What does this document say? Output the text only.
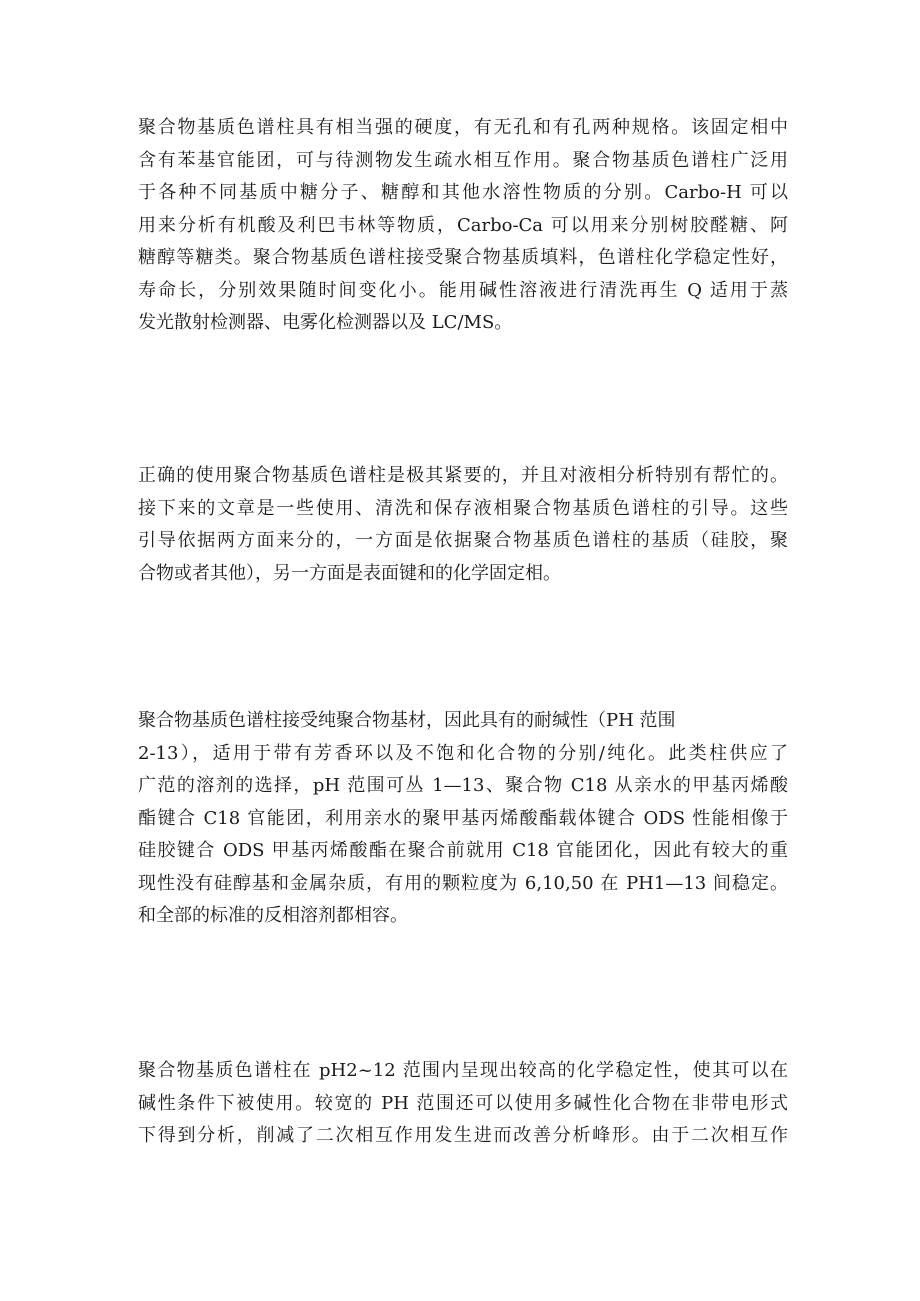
聚合物基质色谱柱具有相当强的硬度，有无孔和有孔两种规格。该固定相中
含有苯基官能团，可与待测物发生疏水相互作用。聚合物基质色谱柱广泛用
于各种不同基质中糖分子、糖醇和其他水溶性物质的分别。Carbo-H 可以
用来分析有机酸及利巴韦林等物质，Carbo-Ca 可以用来分别树胶醛糖、阿
糖醇等糖类。聚合物基质色谱柱接受聚合物基质填料，色谱柱化学稳定性好，
寿命长，分别效果随时间变化小。能用碱性溶液进行清洗再生 Q 适用于蒸
发光散射检测器、电雾化检测器以及 LC/MS。
正确的使用聚合物基质色谱柱是极其紧要的，并且对液相分析特别有帮忙的。
接下来的文章是一些使用、清洗和保存液相聚合物基质色谱柱的引导。这些
引导依据两方面来分的，一方面是依据聚合物基质色谱柱的基质（硅胶，聚
合物或者其他），另一方面是表面键和的化学固定相。
聚合物基质色谱柱接受纯聚合物基材，因此具有的耐缄性（PH 范围
2-13），适用于带有芳香环以及不饱和化合物的分别/纯化。此类柱供应了
广范的溶剂的选择，pH 范围可丛 1—13、聚合物 C18 从亲水的甲基丙烯酸
酯键合 C18 官能团，利用亲水的聚甲基丙烯酸酯载体键合 ODS 性能相像于
硅胶键合 ODS 甲基丙烯酸酯在聚合前就用 C18 官能团化，因此有较大的重
现性没有硅醇基和金属杂质，有用的颗粒度为 6,10,50 在 PH1—13 间稳定。
和全部的标准的反相溶剂都相容。
聚合物基质色谱柱在 pH2~12 范围内呈现出较高的化学稳定性，使其可以在
碱性条件下被使用。较宽的 PH 范围还可以使用多碱性化合物在非带电形式
下得到分析，削减了二次相互作用发生进而改善分析峰形。由于二次相互作
